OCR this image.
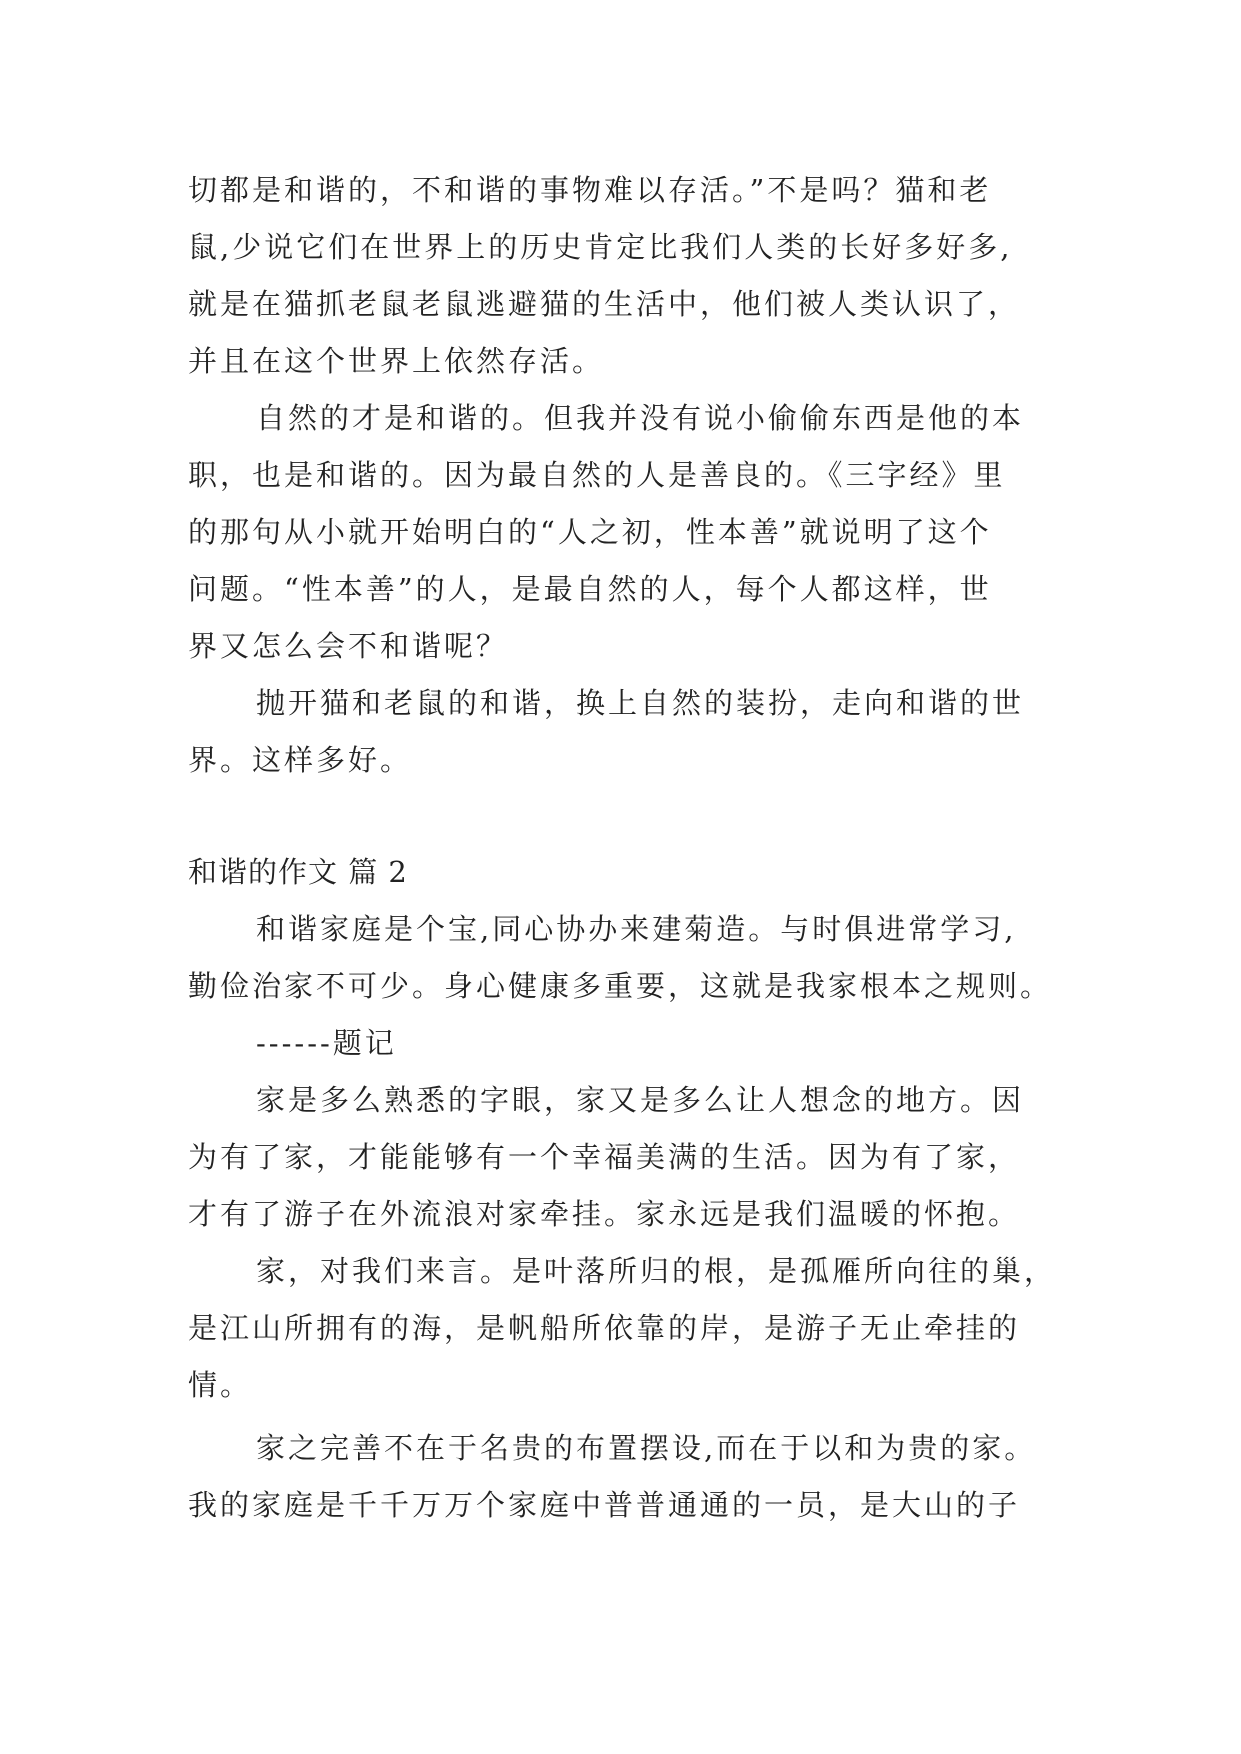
切都是和谐的，不和谐的事物难以存活。”不是吗？猫和老
鼠,少说它们在世界上的历史肯定比我们人类的长好多好多,
就是在猫抓老鼠老鼠逃避猫的生活中，他们被人类认识了，
并且在这个世界上依然存活。
自然的才是和谐的。但我并没有说小偷偷东西是他的本
职，也是和谐的。因为最自然的人是善良的。《三字经》里
的那句从小就开始明白的“人之初，性本善”就说明了这个
问题。“性本善”的人，是最自然的人，每个人都这样，世
界又怎么会不和谐呢？
抛开猫和老鼠的和谐，换上自然的装扮，走向和谐的世
界。这样多好。
和谐的作文 篇 2
和谐家庭是个宝,同心协办来建菊造。与时俱进常学习,
勤俭治家不可少。身心健康多重要，这就是我家根本之规则。
------题记
家是多么熟悉的字眼，家又是多么让人想念的地方。因
为有了家，才能能够有一个幸福美满的生活。因为有了家，
才有了游子在外流浪对家牵挂。家永远是我们温暖的怀抱。
家，对我们来言。是叶落所归的根，是孤雁所向往的巢，
是江山所拥有的海，是帆船所依靠的岸，是游子无止牵挂的
情。
家之完善不在于名贵的布置摆设,而在于以和为贵的家。
我的家庭是千千万万个家庭中普普通通的一员，是大山的子
